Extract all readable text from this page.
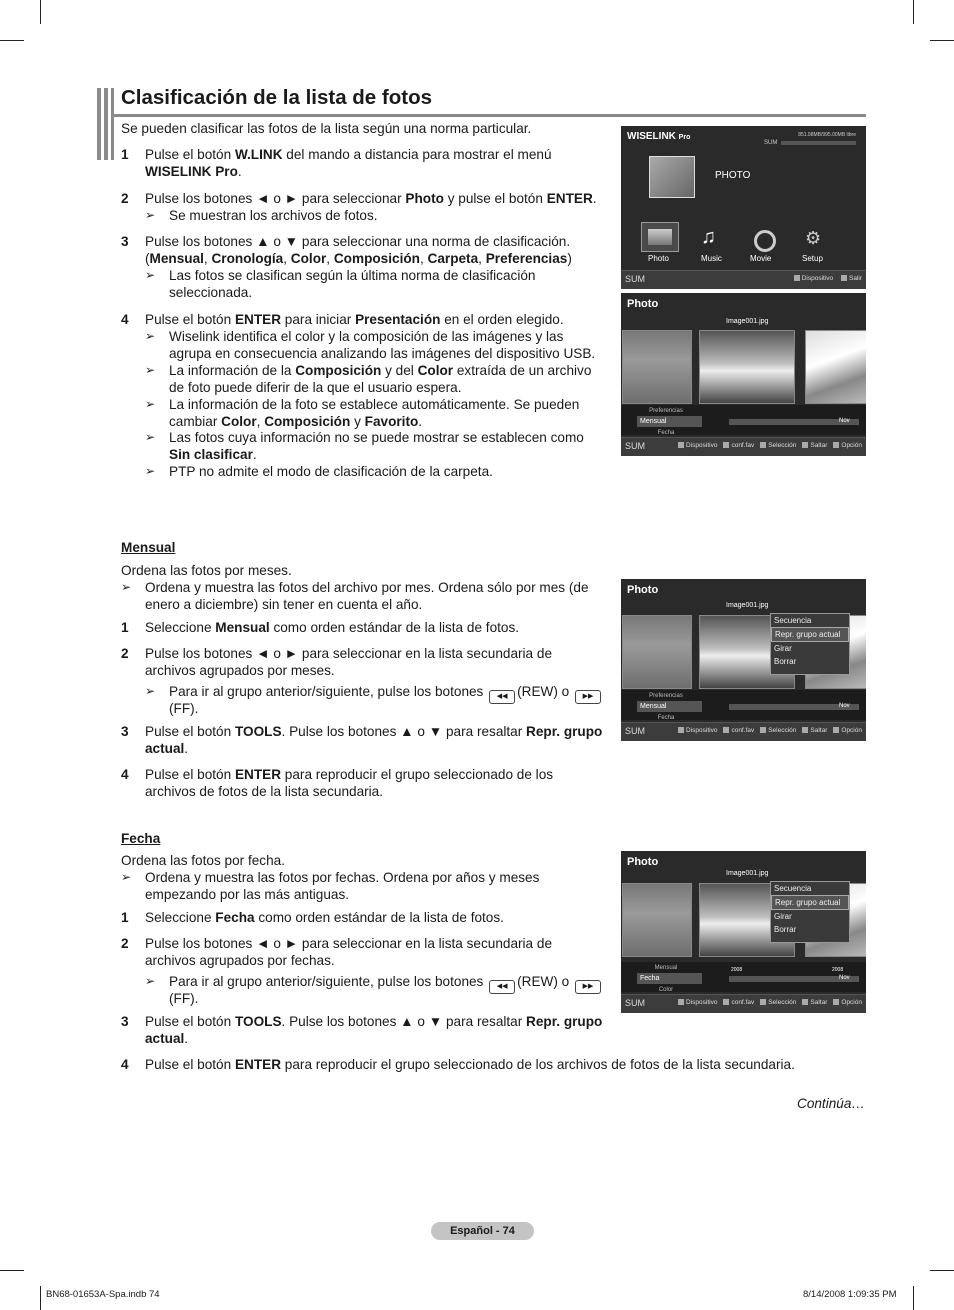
Clasificación de la lista de fotos
Se pueden clasificar las fotos de la lista según una norma particular.
1 Pulse el botón W.LINK del mando a distancia para mostrar el menú
WISELINK Pro.
2 Pulse los botones ◄ o ► para seleccionar Photo y pulse el botón ENTER.
➢ Se muestran los archivos de fotos.
3 Pulse los botones ▲ o ▼ para seleccionar una norma de clasificación.
(Mensual, Cronología, Color, Composición, Carpeta, Preferencias)
➢ Las fotos se clasifican según la última norma de clasificación
seleccionada.
4 Pulse el botón ENTER para iniciar Presentación en el orden elegido.
➢ Wiselink identifica el color y la composición de las imágenes y las
agrupa en consecuencia analizando las imágenes del dispositivo USB.
➢ La información de la Composición y del Color extraída de un archivo
de foto puede diferir de la que el usuario espera.
➢ La información de la foto se establece automáticamente. Se pueden
cambiar Color, Composición y Favorito.
➢ Las fotos cuya información no se puede mostrar se establecen como
Sin clasificar.
➢ PTP no admite el modo de clasificación de la carpeta.
Mensual
Ordena las fotos por meses.
➢ Ordena y muestra las fotos del archivo por mes. Ordena sólo por mes (de
enero a diciembre) sin tener en cuenta el año.
1 Seleccione Mensual como orden estándar de la lista de fotos.
2 Pulse los botones ◄ o ► para seleccionar en la lista secundaria de
archivos agrupados por meses.
➢ Para ir al grupo anterior/siguiente, pulse los botones ◀◀ (REW) o ▶▶
(FF).
3 Pulse el botón TOOLS. Pulse los botones ▲ o ▼ para resaltar Repr. grupo
actual.
4 Pulse el botón ENTER para reproducir el grupo seleccionado de los
archivos de fotos de la lista secundaria.
Fecha
Ordena las fotos por fecha.
➢ Ordena y muestra las fotos por fechas. Ordena por años y meses
empezando por las más antiguas.
1 Seleccione Fecha como orden estándar de la lista de fotos.
2 Pulse los botones ◄ o ► para seleccionar en la lista secundaria de
archivos agrupados por fechas.
➢ Para ir al grupo anterior/siguiente, pulse los botones ◀◀ (REW) o ▶▶
(FF).
3 Pulse el botón TOOLS. Pulse los botones ▲ o ▼ para resaltar Repr. grupo
actual.
4 Pulse el botón ENTER para reproducir el grupo seleccionado de los archivos de fotos de la lista secundaria.
Continúa…
WISELINK Pro	851.98MB/995.00MB libre
SUM
PHOTO
♫	⚙
Photo	Music	Movie	Setup
SUM	Dispositivo Salir
Photo
Image001.jpg
Preferencias
Mensual
Fecha
Nov
SUM	Dispositivo conf.fav Selección Saltar Opción
Photo
Image001.jpg
Secuencia
Repr. grupo actual
Girar
Borrar
Preferencias
Mensual
Fecha
Nov
SUM	Dispositivo conf.fav Selección Saltar Opción
Photo
Image001.jpg
Secuencia
Repr. grupo actual
Girar
Borrar
Mensual
Fecha
Color
2008	2008
Nov
SUM	Dispositivo conf.fav Selección Saltar Opción
Español - 74
BN68-01653A-Spa.indb 74	8/14/2008 1:09:35 PM
